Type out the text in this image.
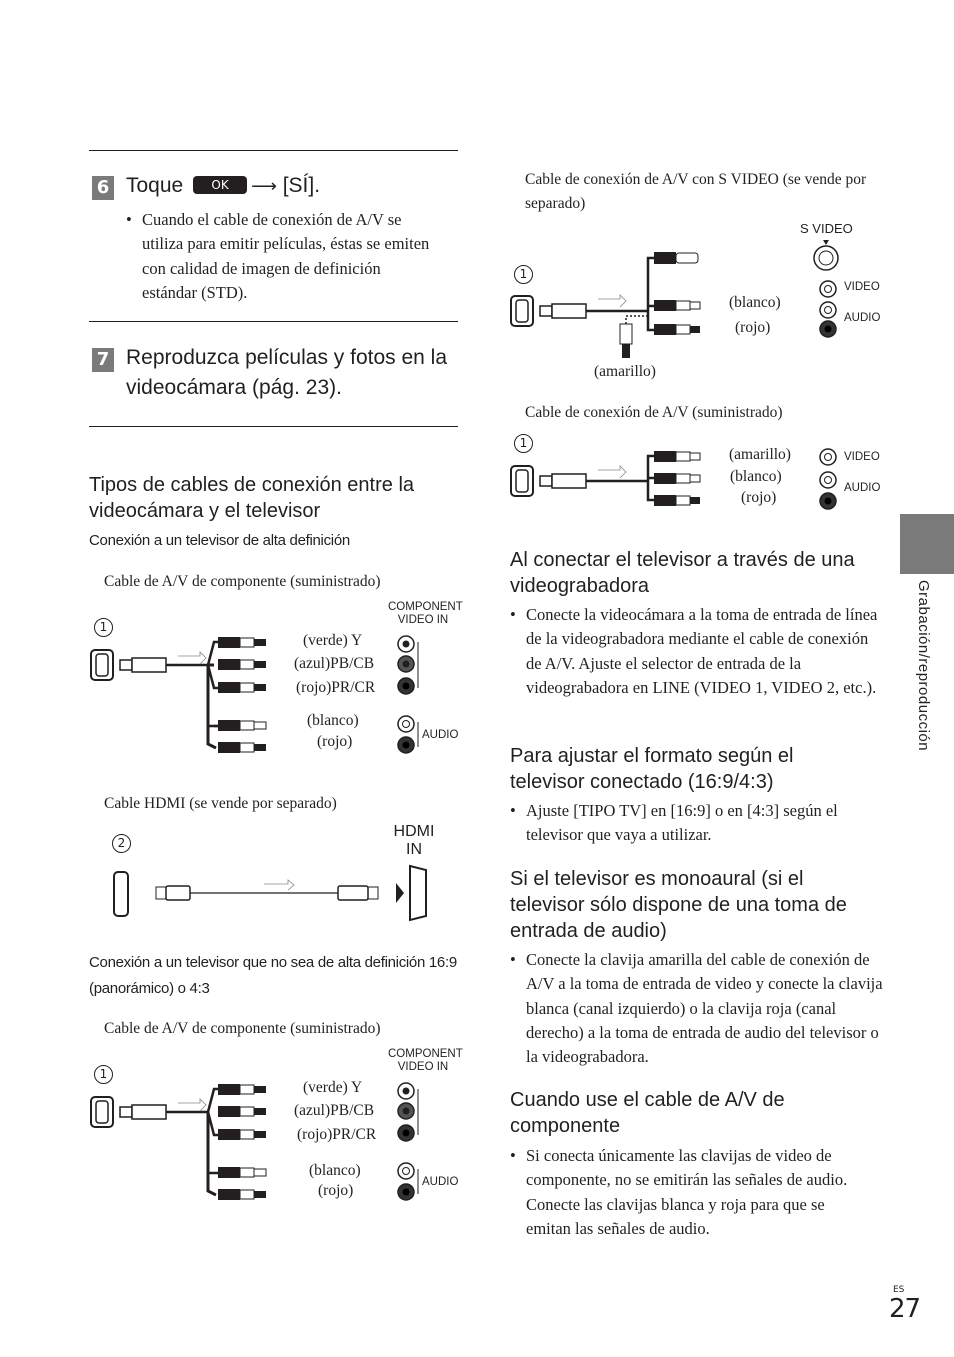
6 Toque OK ⟶ [SÍ].
• Cuando el cable de conexión de A/V se utiliza para emitir películas, éstas se emiten con calidad de imagen de definición estándar (STD).
7 Reproduzca películas y fotos en la videocámara (pág. 23).
Tipos de cables de conexión entre la videocámara y el televisor
Conexión a un televisor de alta definición
Cable de A/V de componente (suministrado)
1
COMPONENT VIDEO IN
(verde) Y
(azul)PB/CB
(rojo)PR/CR
(blanco)
(rojo)	AUDIO
Cable HDMI (se vende por separado)
2
HDMI IN
Conexión a un televisor que no sea de alta definición 16:9 (panorámico) o 4:3
Cable de A/V de componente (suministrado)
1
COMPONENT VIDEO IN
(verde) Y
(azul)PB/CB
(rojo)PR/CR
(blanco)
(rojo)	AUDIO
Cable de conexión de A/V con S VIDEO (se vende por separado)
S VIDEO
1
(blanco)
(rojo)
(amarillo)
VIDEO
AUDIO
Cable de conexión de A/V (suministrado)
1
(amarillo)
(blanco)
(rojo)
VIDEO
AUDIO
Al conectar el televisor a través de una videograbadora
• Conecte la videocámara a la toma de entrada de línea de la videograbadora mediante el cable de conexión de A/V. Ajuste el selector de entrada de la videograbadora en LINE (VIDEO 1, VIDEO 2, etc.).
Para ajustar el formato según el televisor conectado (16:9/4:3)
• Ajuste [TIPO TV] en [16:9] o en [4:3] según el televisor que vaya a utilizar.
Si el televisor es monoaural (si el televisor sólo dispone de una toma de entrada de audio)
• Conecte la clavija amarilla del cable de conexión de A/V a la toma de entrada de video y conecte la clavija blanca (canal izquierdo) o la clavija roja (canal derecho) a la toma de entrada de audio del televisor o la videograbadora.
Cuando use el cable de A/V de componente
• Si conecta únicamente las clavijas de video de componente, no se emitirán las señales de audio. Conecte las clavijas blanca y roja para que se emitan las señales de audio.
Grabación/reproducción
ES
27
